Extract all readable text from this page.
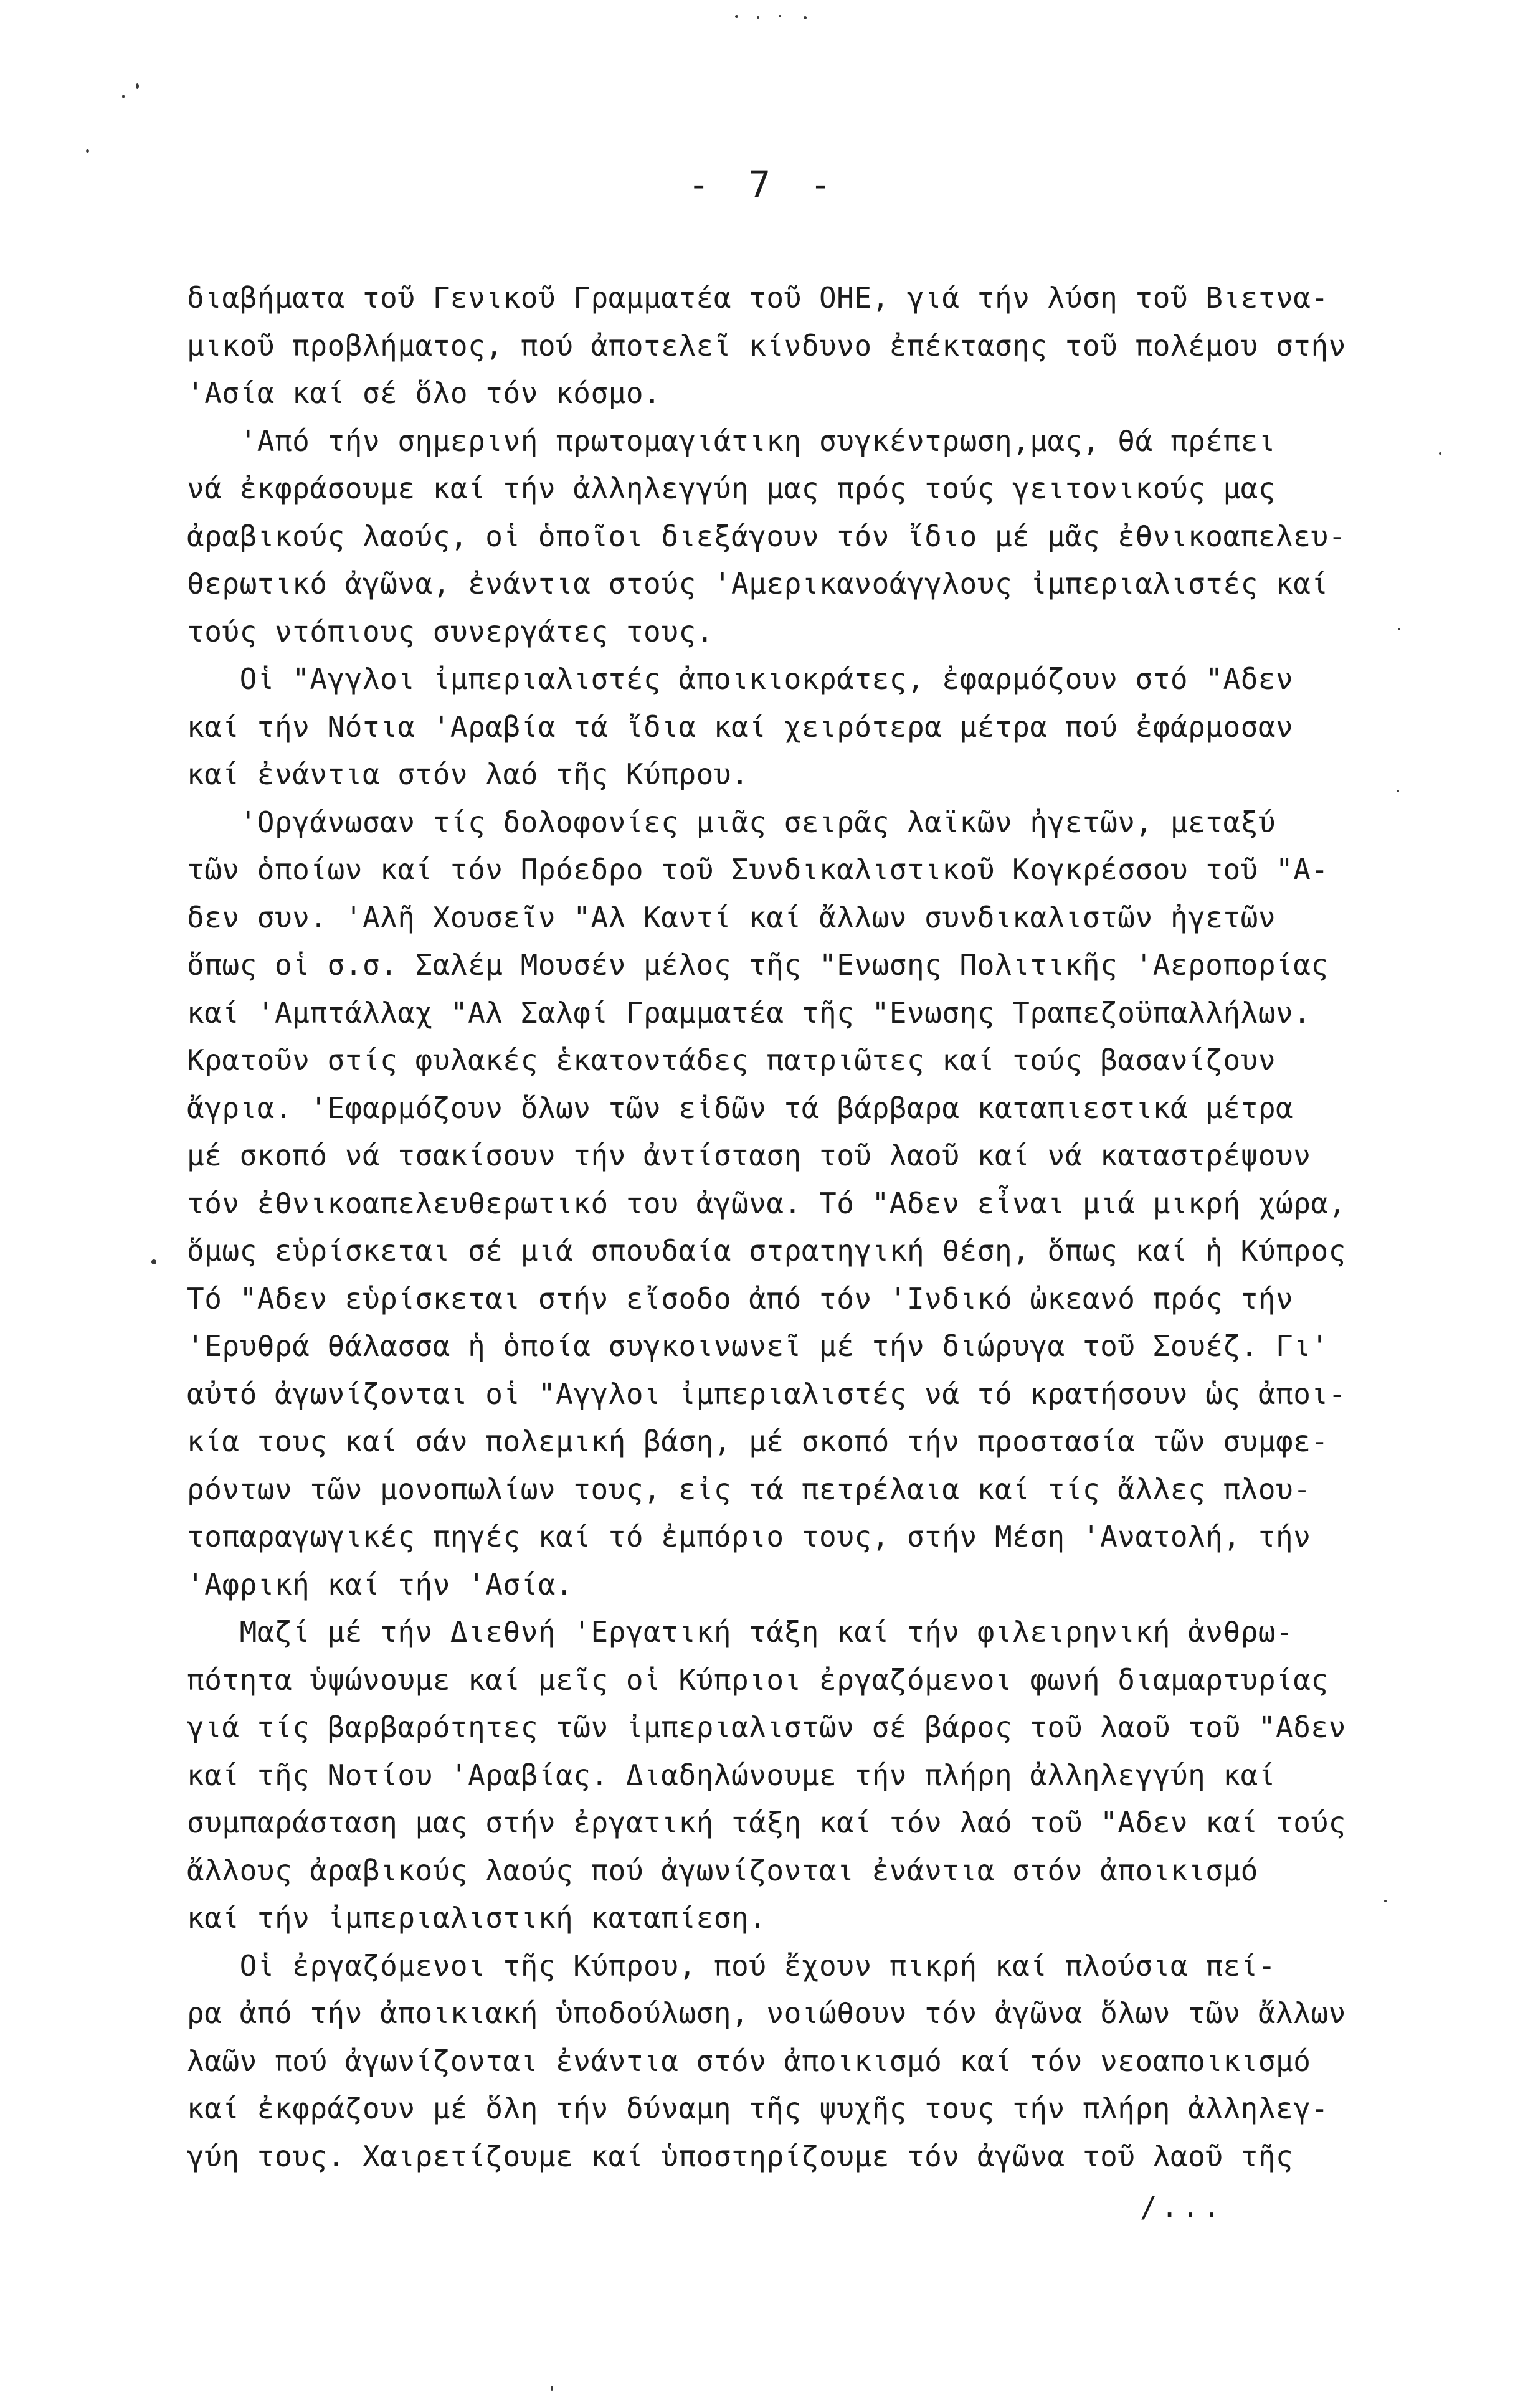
- 7 -
διαβήματα τοῦ Γενικοῦ Γραμματέα τοῦ ΟΗΕ, γιά τήν λύση τοῦ Βιετνα-
μικοῦ προβλήματος, πού ἀποτελεῖ κίνδυνο ἐπέκτασης τοῦ πολέμου στήν
'Ασία καί σέ ὅλο τόν κόσμο.
'Από τήν σημερινή πρωτομαγιάτικη συγκέντρωση,μας, θά πρέπει
νά ἐκφράσουμε καί τήν ἀλληλεγγύη μας πρός τούς γειτονικούς μας
ἀραβικούς λαούς, οἱ ὁποῖοι διεξάγουν τόν ἴδιο μέ μᾶς ἐθνικοαπελευ-
θερωτικό ἀγῶνα, ἐνάντια στούς 'Αμερικανοάγγλους ἰμπεριαλιστές καί
τούς ντόπιους συνεργάτες τους.
Οἱ "Αγγλοι ἰμπεριαλιστές ἀποικιοκράτες, ἐφαρμόζουν στό "Αδεν
καί τήν Νότια 'Αραβία τά ἴδια καί χειρότερα μέτρα πού ἐφάρμοσαν
καί ἐνάντια στόν λαό τῆς Κύπρου.
'Οργάνωσαν τίς δολοφονίες μιᾶς σειρᾶς λαϊκῶν ἠγετῶν, μεταξύ
τῶν ὁποίων καί τόν Πρόεδρο τοῦ Συνδικαλιστικοῦ Κογκρέσσου τοῦ "Α-
δεν συν. 'Αλῆ Χουσεῖν "Αλ Καντί καί ἄλλων συνδικαλιστῶν ἠγετῶν
ὅπως οἱ σ.σ. Σαλέμ Μουσέν μέλος τῆς "Ενωσης Πολιτικῆς 'Αεροπορίας
καί 'Αμπτάλλαχ "Αλ Σαλφί Γραμματέα τῆς "Ενωσης Τραπεζοϋπαλλήλων.
Κρατοῦν στίς φυλακές ἑκατοντάδες πατριῶτες καί τούς βασανίζουν
ἄγρια. 'Εφαρμόζουν ὅλων τῶν εἰδῶν τά βάρβαρα καταπιεστικά μέτρα
μέ σκοπό νά τσακίσουν τήν ἀντίσταση τοῦ λαοῦ καί νά καταστρέψουν
τόν ἐθνικοαπελευθερωτικό του ἀγῶνα. Τό "Αδεν εἶναι μιά μικρή χώρα,
ὅμως εὑρίσκεται σέ μιά σπουδαία στρατηγική θέση, ὅπως καί ἡ Κύπρος
Τό "Αδεν εὑρίσκεται στήν εἴσοδο ἀπό τόν 'Ινδικό ὠκεανό πρός τήν
'Ερυθρά θάλασσα ἡ ὁποία συγκοινωνεῖ μέ τήν διώρυγα τοῦ Σουέζ. Γι'
αὐτό ἀγωνίζονται οἱ "Αγγλοι ἰμπεριαλιστές νά τό κρατήσουν ὡς ἀποι-
κία τους καί σάν πολεμική βάση, μέ σκοπό τήν προστασία τῶν συμφε-
ρόντων τῶν μονοπωλίων τους, εἰς τά πετρέλαια καί τίς ἄλλες πλου-
τοπαραγωγικές πηγές καί τό ἐμπόριο τους, στήν Μέση 'Ανατολή, τήν
'Αφρική καί τήν 'Ασία.
Μαζί μέ τήν Διεθνή 'Εργατική τάξη καί τήν φιλειρηνική ἀνθρω-
πότητα ὑψώνουμε καί μεῖς οἱ Κύπριοι ἐργαζόμενοι φωνή διαμαρτυρίας
γιά τίς βαρβαρότητες τῶν ἰμπεριαλιστῶν σέ βάρος τοῦ λαοῦ τοῦ "Αδεν
καί τῆς Νοτίου 'Αραβίας. Διαδηλώνουμε τήν πλήρη ἀλληλεγγύη καί
συμπαράσταση μας στήν ἐργατική τάξη καί τόν λαό τοῦ "Αδεν καί τούς
ἄλλους ἀραβικούς λαούς πού ἀγωνίζονται ἐνάντια στόν ἀποικισμό
καί τήν ἰμπεριαλιστική καταπίεση.
Οἱ ἐργαζόμενοι τῆς Κύπρου, πού ἔχουν πικρή καί πλούσια πεί-
ρα ἀπό τήν ἀποικιακή ὑποδούλωση, νοιώθουν τόν ἀγῶνα ὅλων τῶν ἄλλων
λαῶν πού ἀγωνίζονται ἐνάντια στόν ἀποικισμό καί τόν νεοαποικισμό
καί ἐκφράζουν μέ ὅλη τήν δύναμη τῆς ψυχῆς τους τήν πλήρη ἀλληλεγ-
γύη τους. Χαιρετίζουμε καί ὑποστηρίζουμε τόν ἀγῶνα τοῦ λαοῦ τῆς
/...
